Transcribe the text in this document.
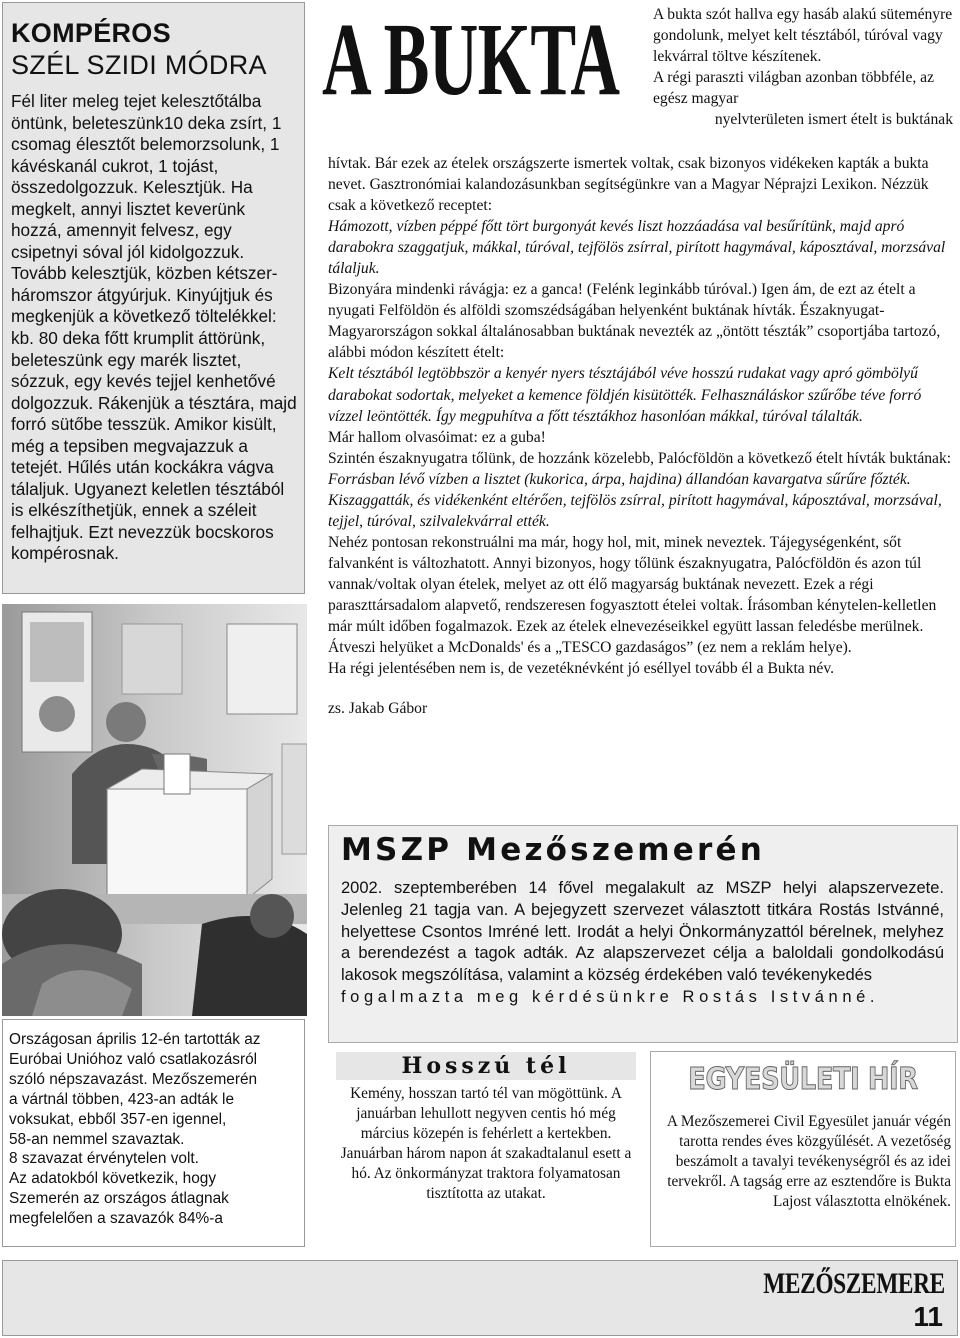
KOMPÉROS
SZÉL SZIDI MÓDRA

Fél liter meleg tejet kelesztőtálba öntünk, beleteszünk10 deka zsírt, 1 csomag élesztőt belemorzsolunk, 1 kávéskanál cukrot, 1 tojást, összedolgozzuk. Kelesztjük. Ha megkelt, annyi lisztet keverünk hozzá, amennyit felvesz, egy csipetnyi sóval jól kidolgozzuk. Tovább kelesztjük, közben kétszer-háromszor átgyúrjuk. Kinyújtjuk és megkenjük a következő töltelékkel: kb. 80 deka főtt krumplit áttörünk, beleteszünk egy marék lisztet, sózzuk, egy kevés tejjel kenhetővé dolgozzuk. Rákenjük a tésztára, majd forró sütőbe tesszük. Amikor kisült, még a tepsiben megvajazzuk a tetejét. Hűlés után kockákra vágva tálaljuk. Ugyanezt keletlen tésztából is elkészíthetjük, ennek a széleit felhajtjuk. Ezt nevezzük bocskoros kompérosnak.

Országosan április 12-én tartották az
Euróbai Unióhoz való csatlakozásról
szóló népszavazást. Mezőszemerén
a vártnál többen, 423-an adták le
voksukat, ebből 357-en igennel,
58-an nemmel szavaztak.
8 szavazat érvénytelen volt.
Az adatokból következik, hogy
Szemerén az országos átlagnak
megfelelően a szavazók 84%-a
A BUKTA A bukta szót hallva egy hasáb alakú süteményre gondolunk, melyet kelt tésztából, túróval vagy lekvárral töltve készítenek.
A régi paraszti világban azonban többféle, az egész magyar
nyelvterületen ismert ételt is buktának

hívtak. Bár ezek az ételek országszerte ismertek voltak, csak bizonyos vidékeken kapták a bukta nevet. Gasztronómiai kalandozásunkban segítségünkre van a Magyar Néprajzi Lexikon. Nézzük csak a következő receptet:

Hámozott, vízben péppé főtt tört burgonyát kevés liszt hozzáadása val besűrítünk, majd apró darabokra szaggatjuk, mákkal, túróval, tejfölös zsírral, pirított hagymával, káposztával, morzsával tálaljuk.

Bizonyára mindenki rávágja: ez a ganca! (Felénk leginkább túróval.) Igen ám, de ezt az ételt a nyugati Felföldön és alföldi szomszédságában helyenként buktának hívták. Északnyugat-Magyarországon sokkal általánosabban buktának nevezték az „öntött tészták” csoportjába tartozó, alábbi módon készített ételt:

Kelt tésztából legtöbbször a kenyér nyers tésztájából véve hosszú rudakat vagy apró gömbölyű darabokat sodortak, melyeket a kemence földjén kisütötték. Felhasználáskor szűrőbe téve forró vízzel leöntötték. Így megpuhítva a főtt tésztákhoz hasonlóan mákkal, túróval tálalták.

Már hallom olvasóimat: ez a guba!

Szintén északnyugatra tőlünk, de hozzánk közelebb, Palócföldön a következő ételt hívták buktának: Forrásban lévő vízben a lisztet (kukorica, árpa, hajdina) állandóan kavargatva sűrűre főzték. Kiszaggatták, és vidékenként eltérően, tejfölös zsírral, pirított hagymával, káposztával, morzsával, tejjel, túróval, szilvalekvárral ették.

Nehéz pontosan rekonstruálni ma már, hogy hol, mit, minek neveztek. Tájegységenként, sőt falvanként is változhatott. Annyi bizonyos, hogy tőlünk északnyugatra, Palócföldön és azon túl vannak/voltak olyan ételek, melyet az ott élő magyarság buktának nevezett. Ezek a régi paraszttársadalom alapvető, rendszeresen fogyasztott ételei voltak. Írásomban kénytelen-kelletlen már múlt időben fogalmazok. Ezek az ételek elnevezéseikkel együtt lassan feledésbe merülnek. Átveszi helyüket a McDonalds' és a „TESCO gazdaságos” (ez nem a reklám helye).

Ha régi jelentésében nem is, de vezetéknévként jó eséllyel tovább él a Bukta név.

zs. Jakab Gábor

MSZP Mezőszemerén
2002. szeptemberében 14 fővel megalakult az MSZP helyi alapszervezete. Jelenleg 21 tagja van. A bejegyzett szervezet választott titkára Rostás Istvánné, helyettese Csontos Imréné lett. Irodát a helyi Önkormányzattól bérelnek, melyhez a berendezést a tagok adták. Az alapszervezet célja a baloldali gondolkodású lakosok megszólítása, valamint a község érdekében való tevékenykedés
fogalmazta meg kérdésünkre Rostás Istvánné.
Hosszú tél

Kemény, hosszan tartó tél van mögöttünk. A januárban lehullott negyven centis hó még március közepén is fehérlett a kertekben. Januárban három napon át szakadtalanul esett a hó. Az önkormányzat traktora folyamatosan tisztította az utakat.

EGYESÜLETI HÍR

A Mezőszemerei Civil Egyesület január végén tarotta rendes éves közgyűlését. A vezetőség beszámolt a tavalyi tevékenységről és az idei tervekről. A tagság erre az esztendőre is Bukta Lajost választotta elnökének.

MEZŐSZEMERE
11
